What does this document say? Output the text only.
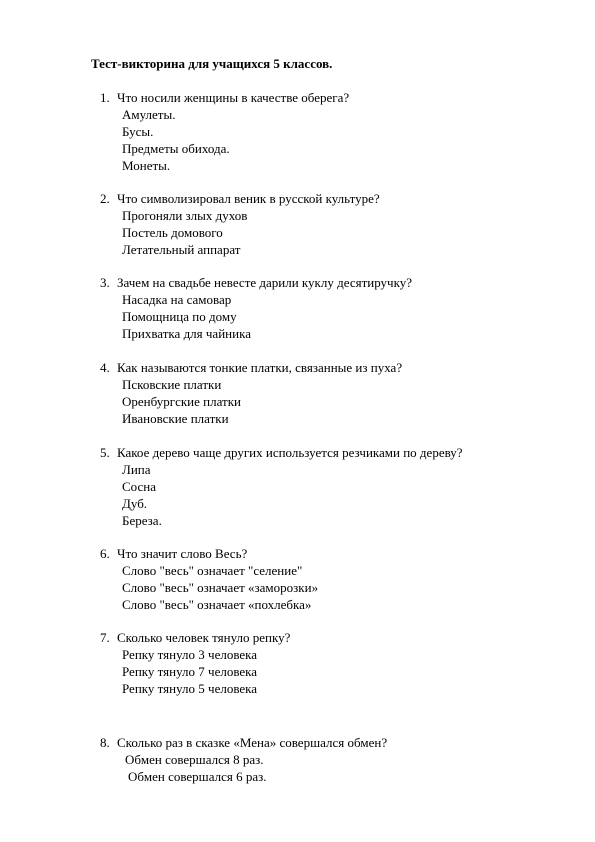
Тест-викторина для учащихся 5 классов.
1. Что носили женщины в качестве оберега?
Амулеты.
Бусы.
Предметы обихода.
Монеты.
2. Что символизировал веник в русской культуре?
Прогоняли злых духов
Постель домового
Летательный аппарат
3. Зачем на свадьбе невесте дарили куклу десятиручку?
Насадка на самовар
Помощница по дому
Прихватка для чайника
4. Как называются тонкие платки, связанные из пуха?
Псковские платки
Оренбургские платки
Ивановские платки
5. Какое дерево чаще других используется резчиками по дереву?
Липа
Сосна
Дуб.
Береза.
6. Что значит слово Весь?
Слово "весь" означает "селение"
Слово "весь" означает «заморозки»
Слово "весь" означает «похлебка»
7. Сколько человек тянуло репку?
Репку тянуло 3 человека
Репку тянуло 7 человека
Репку тянуло 5 человека
8. Сколько раз в сказке «Мена» совершался обмен?
Обмен совершался 8 раз.
Обмен совершался 6 раз.
